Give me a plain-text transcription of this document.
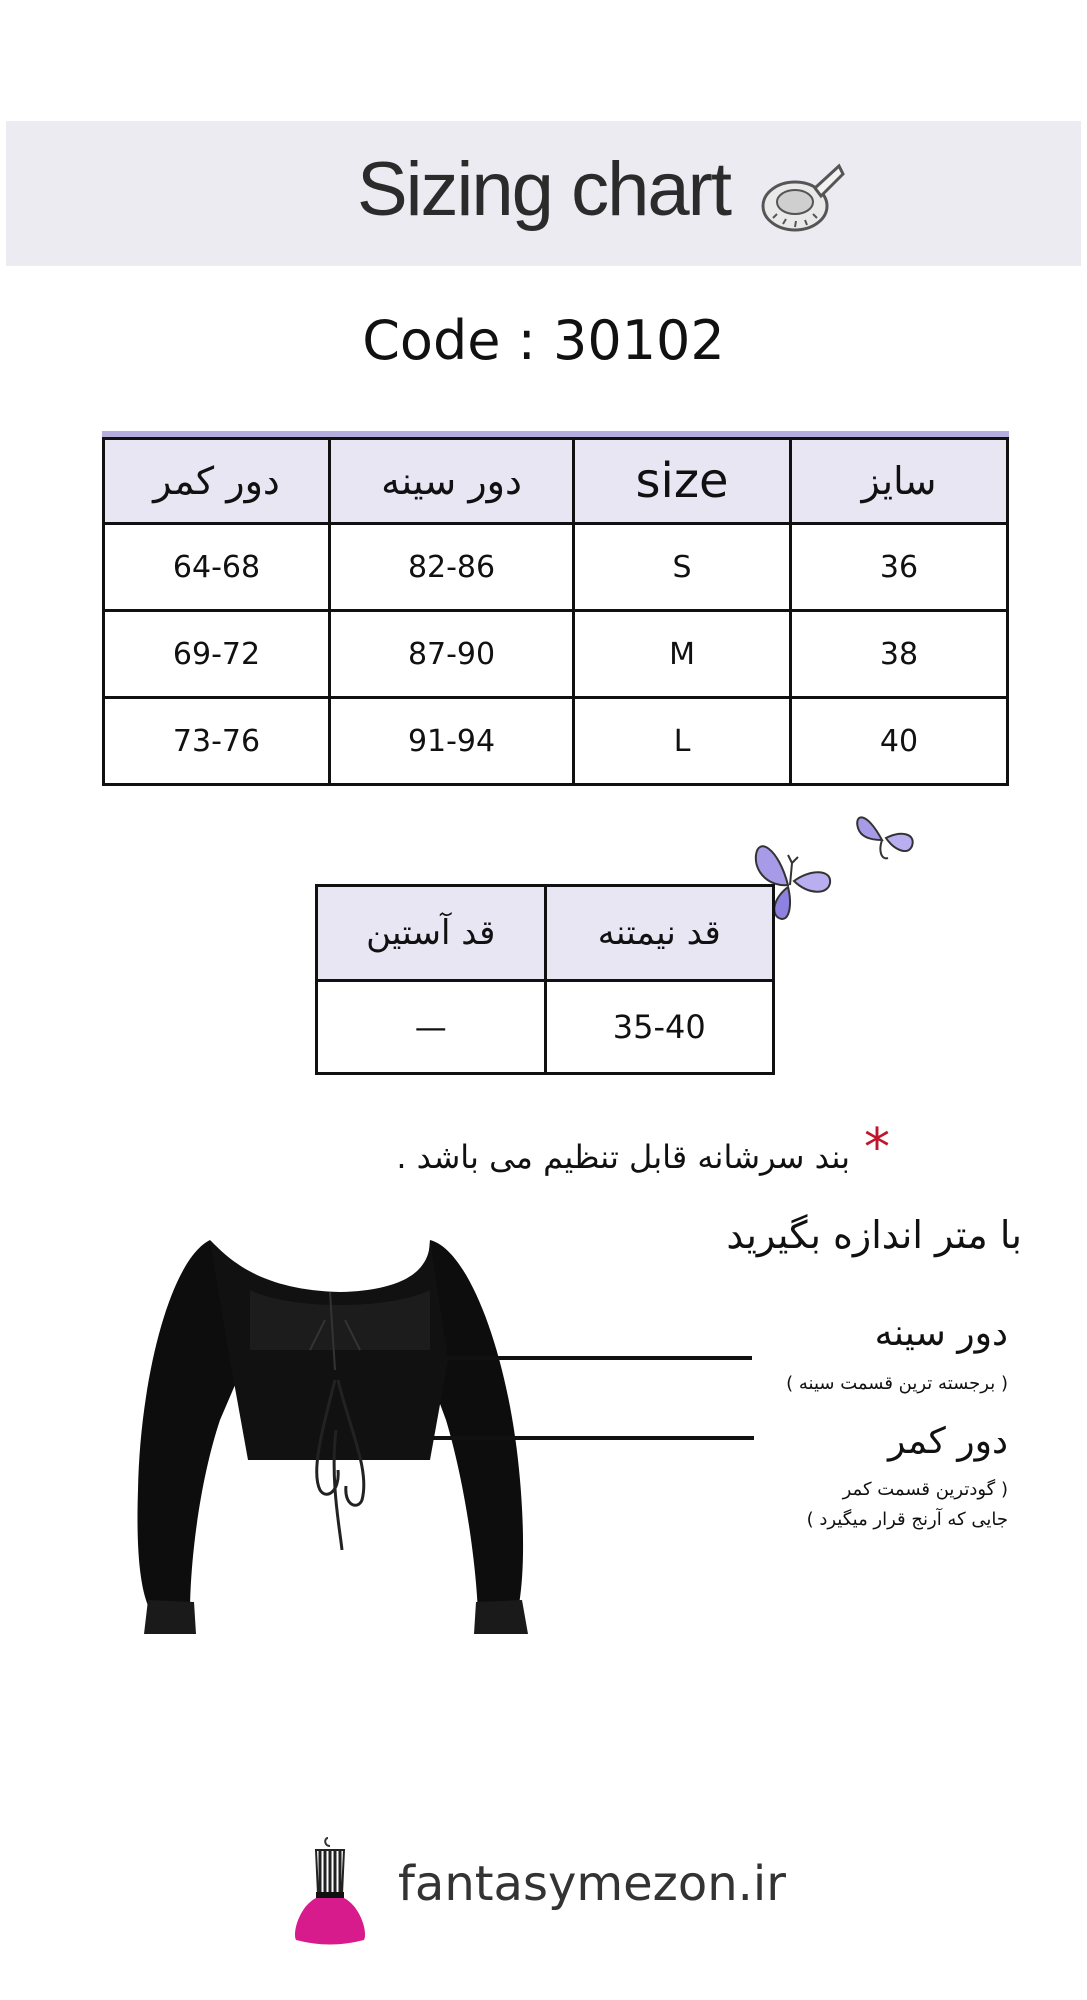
Sizing chart
Code : 30102
دور کمر	دور سینه	size	سایز
64-68	82-86	S	36
69-72	87-90	M	38
73-76	91-94	L	40
قد آستین	قد نیمتنه
—	35-40
*
بند سرشانه قابل تنظیم می باشد .
با متر اندازه بگیرید
دور سینه
( برجسته ترین قسمت سینه )
دور کمر
( گودترین قسمت کمر
جایی که آرنج قرار میگیرد )
fantasymezon.ir
